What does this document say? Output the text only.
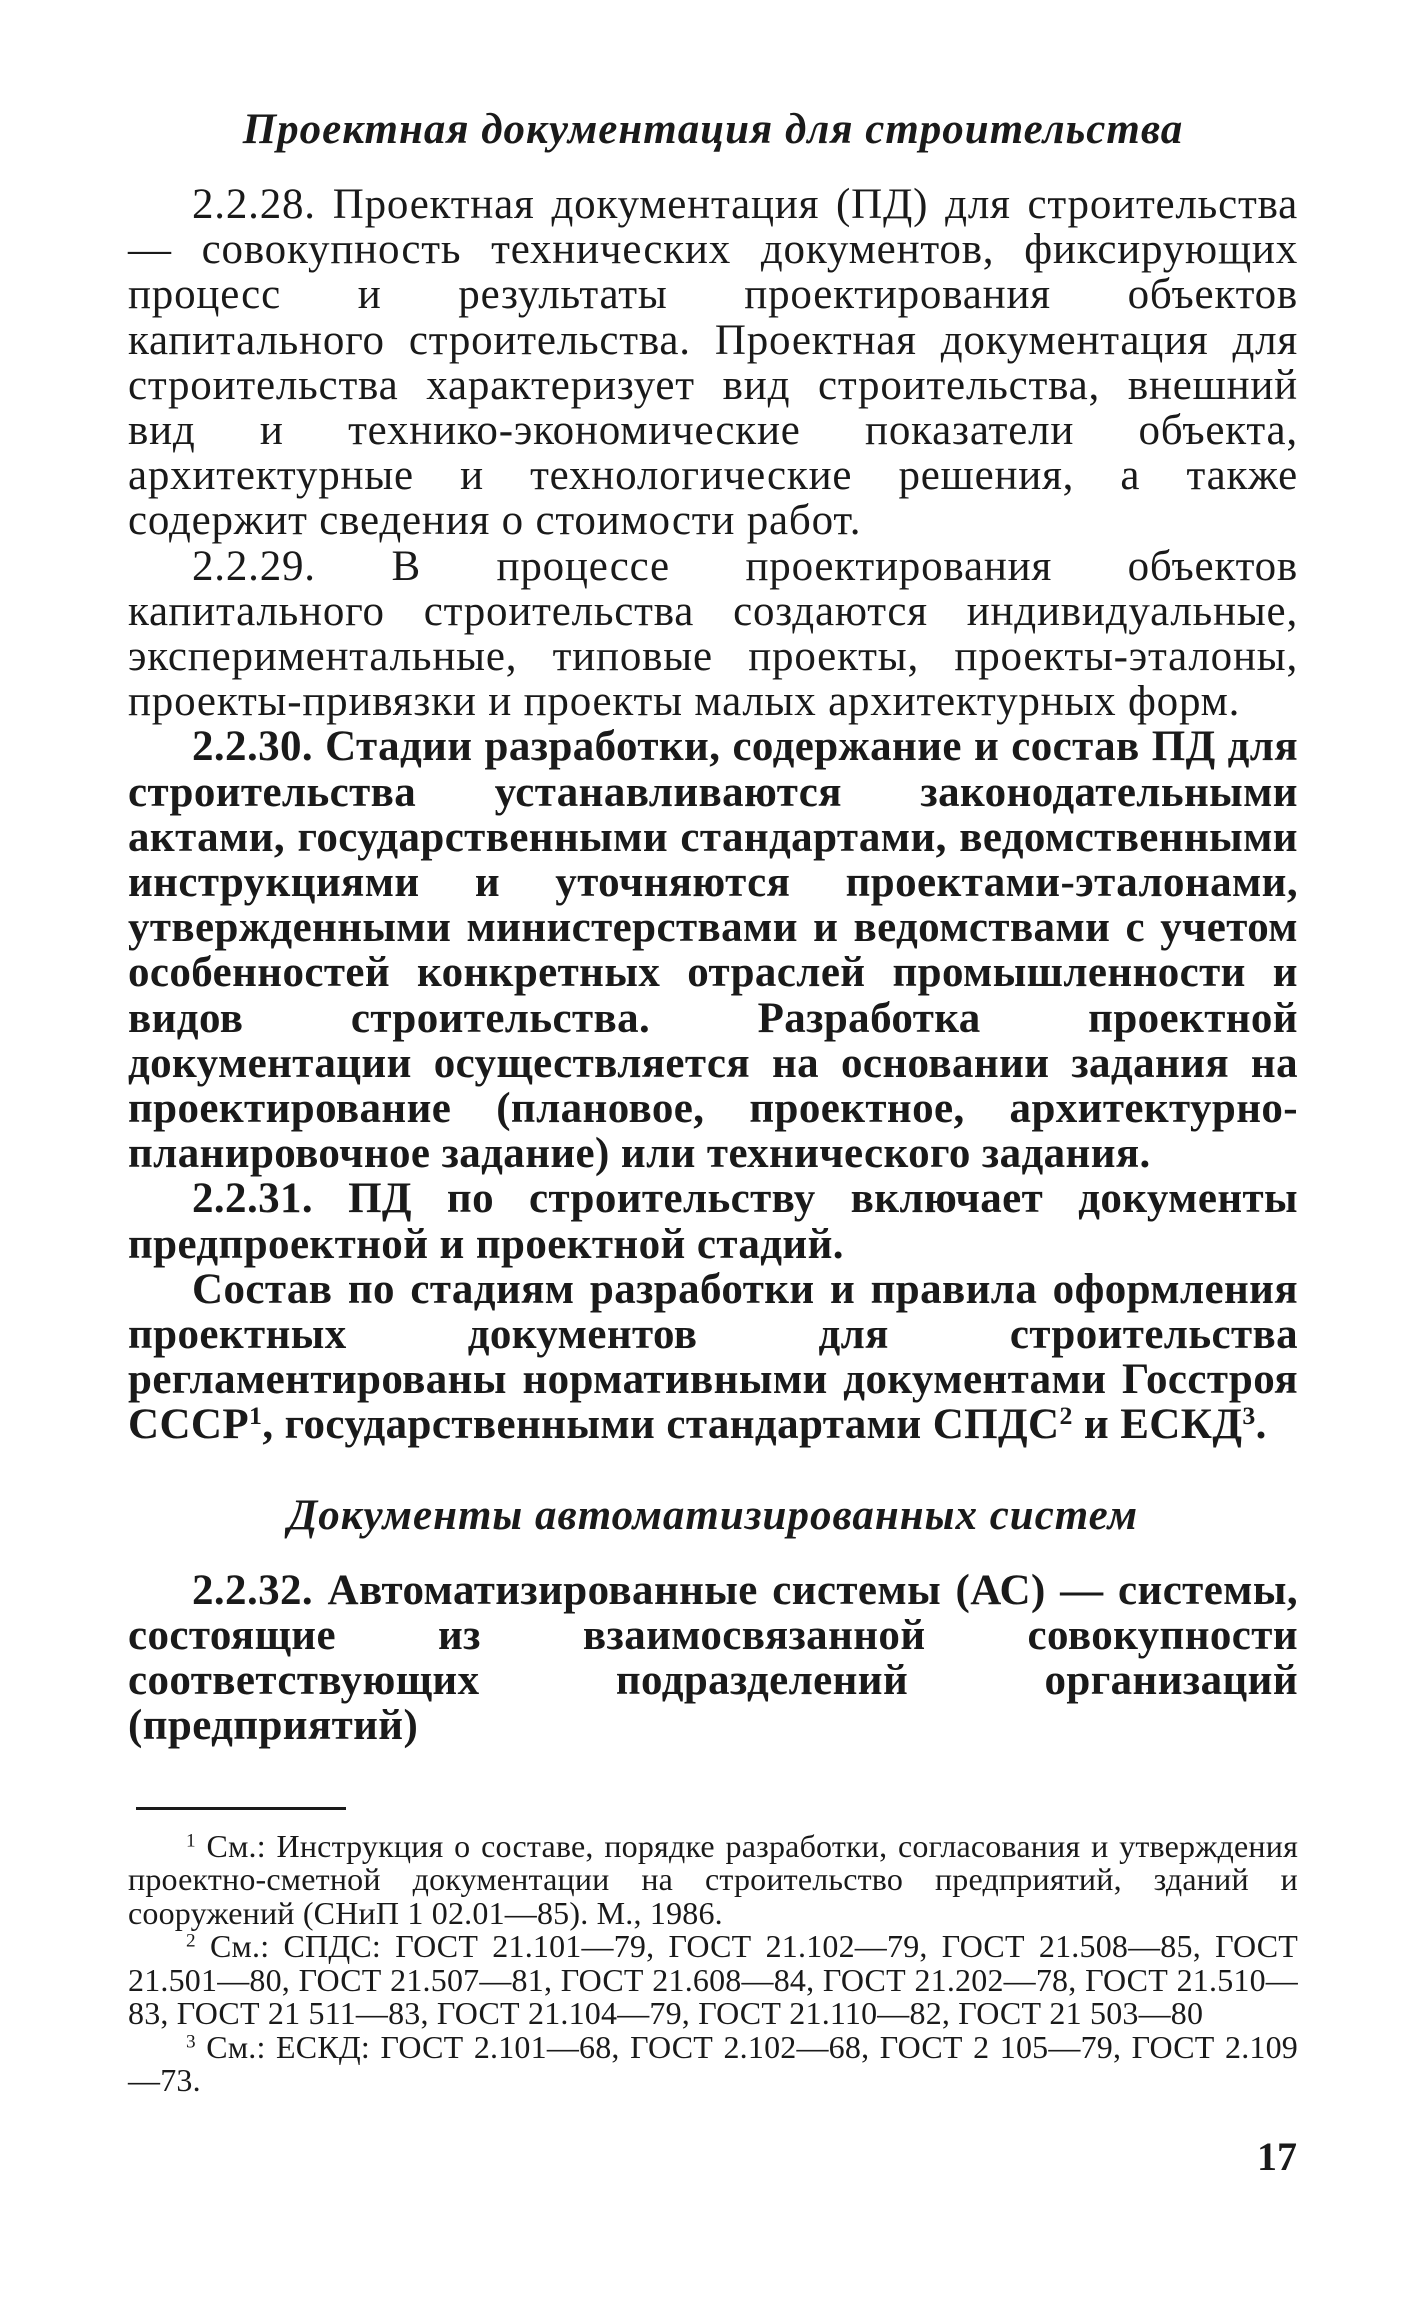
Проектная документация для строительства

2.2.28. Проектная документация (ПД) для строительства — совокупность технических документов, фиксирующих процесс и результаты проектирования объектов капитального строительства. Проектная документация для строительства характеризует вид строительства, внешний вид и технико-экономические показатели объекта, архитектурные и технологические решения, а также содержит сведения о стоимости работ.

2.2.29. В процессе проектирования объектов капитального строительства создаются индивидуальные, экспериментальные, типовые проекты, проекты-эталоны, проекты-привязки и проекты малых архитектурных форм.

2.2.30. Стадии разработки, содержание и состав ПД для строительства устанавливаются законодательными актами, государственными стандартами, ведомственными инструкциями и уточняются проектами-эталонами, утвержденными министерствами и ведомствами с учетом особенностей конкретных отраслей промышленности и видов строительства. Разработка проектной документации осуществляется на основании задания на проектирование (плановое, проектное, архитектурно-планировочное задание) или технического задания.

2.2.31. ПД по строительству включает документы предпроектной и проектной стадий.

Состав по стадиям разработки и правила оформления проектных документов для строительства регламентированы нормативными документами Госстроя СССР$^1$, государственными стандартами СПДС$^2$ и ЕСКД$^3$.

Документы автоматизированных систем

2.2.32. Автоматизированные системы (АС) — системы, состоящие из взаимосвязанной совокупности соответствующих подразделений организаций (предприятий)

$^1$ См.: Инструкция о составе, порядке разработки, согласования и утверждения проектно-сметной документации на строительство предприятий, зданий и сооружений (СНиП 1 02.01—85). М., 1986.

$^2$ См.: СПДС: ГОСТ 21.101—79, ГОСТ 21.102—79, ГОСТ 21.508—85, ГОСТ 21.501—80, ГОСТ 21.507—81, ГОСТ 21.608—84, ГОСТ 21.202—78, ГОСТ 21.510—83, ГОСТ 21 511—83, ГОСТ 21.104—79, ГОСТ 21.110—82, ГОСТ 21 503—80

$^3$ См.: ЕСКД: ГОСТ 2.101—68, ГОСТ 2.102—68, ГОСТ 2 105—79, ГОСТ 2.109—73.

17
